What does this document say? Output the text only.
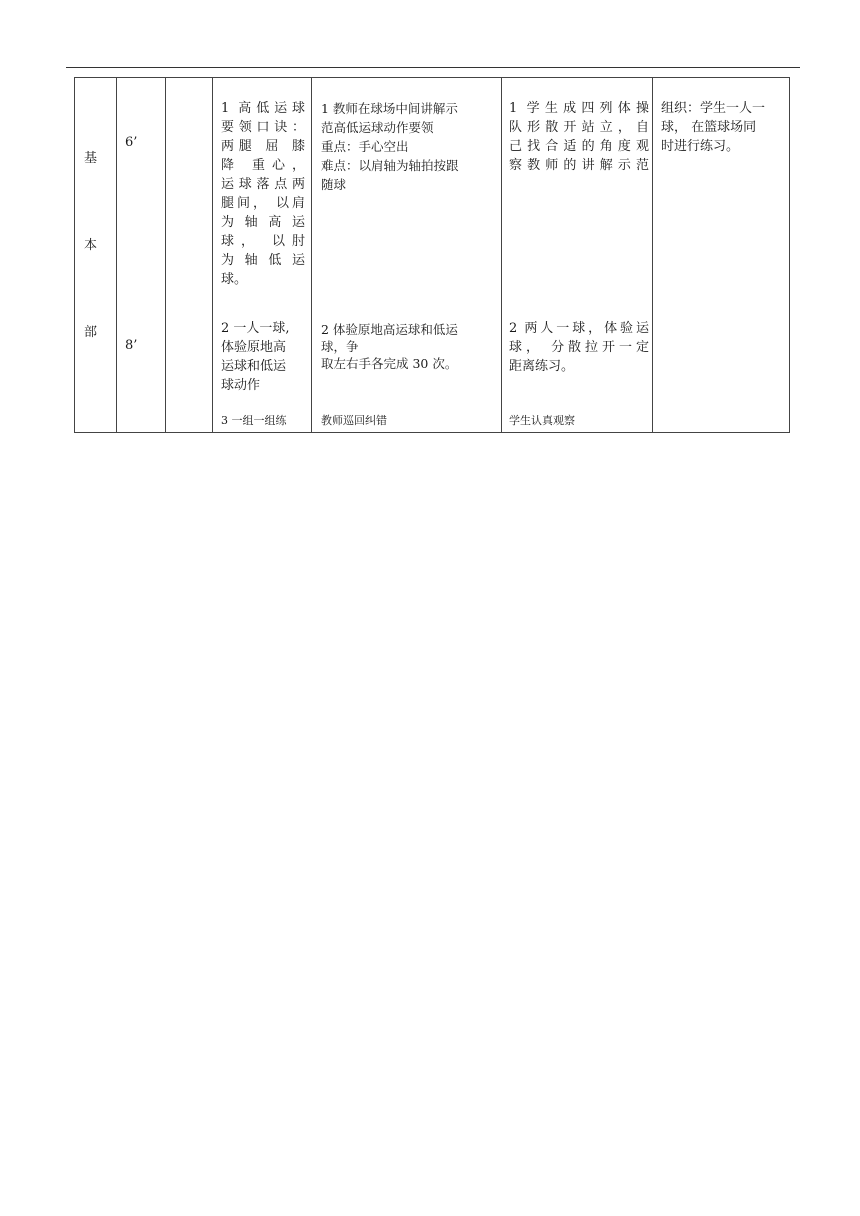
基
本
部
6’
8’
1 高低运球
要领口诀：
两腿 屈 膝
降 重心，
运球落点两
腿间， 以肩
为 轴 高 运
球， 以肘
为 轴 低 运
球。
2 一人一球,
体验原地高
运球和低运
球动作
3 一组一组练
1 教师在球场中间讲解示
范高低运球动作要领
重点：手心空出
难点：以肩轴为轴拍按跟
随球
2 体验原地高运球和低运
球，争
取左右手各完成 30 次。
教师巡回纠错
1 学生成四列体操
队形散开站立，自
己找合适的角度观
察教师的讲解示范
2 两人一球，体验运
球， 分散拉开一定
距离练习。
学生认真观察
组织：学生一人一
球， 在篮球场同
时进行练习。
